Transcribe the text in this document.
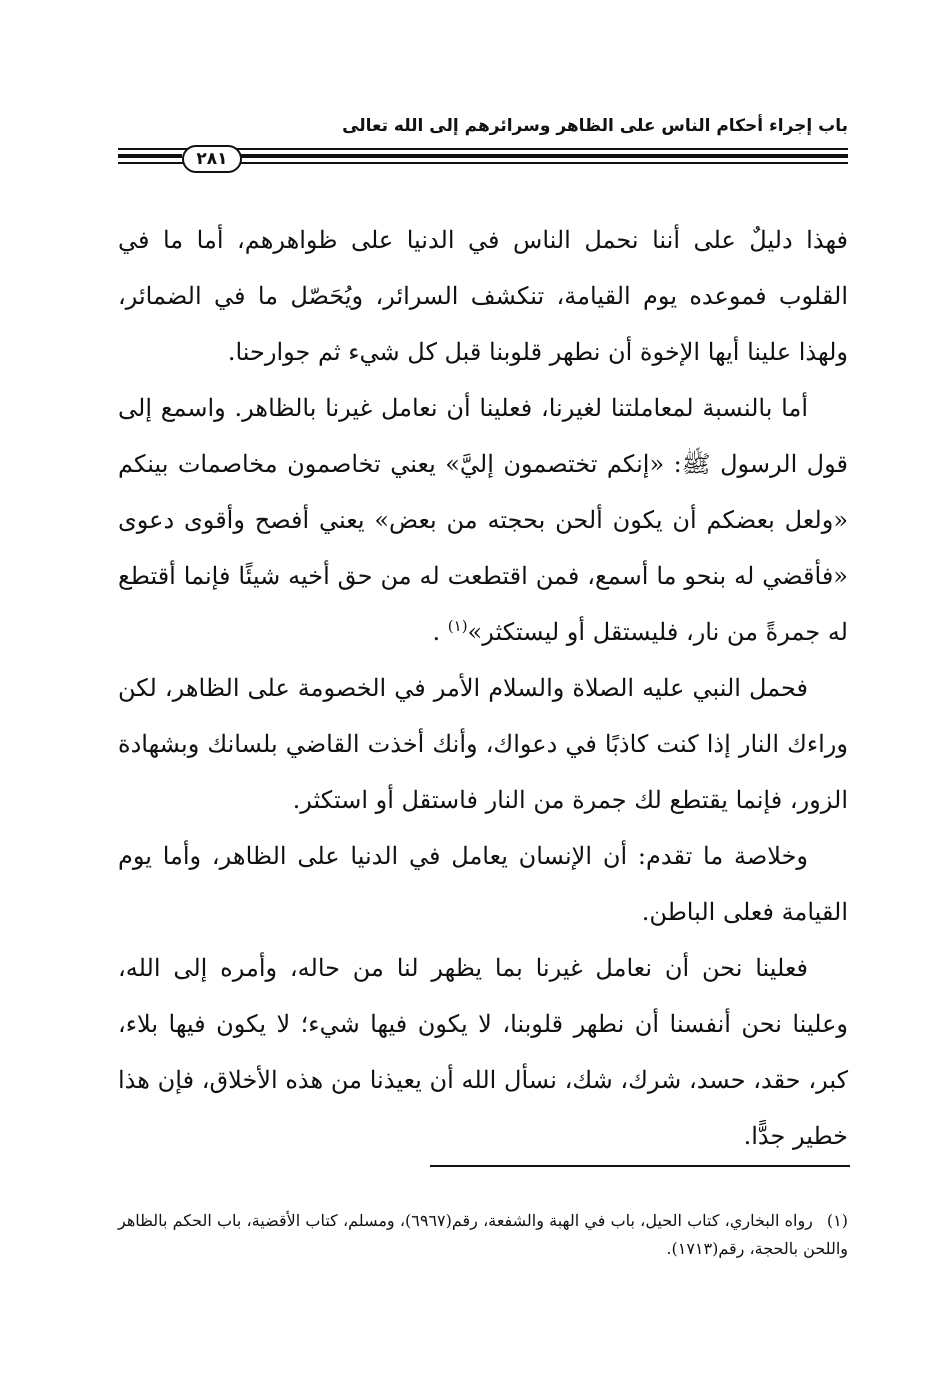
باب إجراء أحكام الناس على الظاهر وسرائرهم إلى الله تعالى
٢٨١

فهذا دليلٌ على أننا نحمل الناس في الدنيا على ظواهرهم، أما ما في القلوب فموعده يوم القيامة، تنكشف السرائر، ويُحَصّل ما في الضمائر، ولهذا علينا أيها الإخوة أن نطهر قلوبنا قبل كل شيء ثم جوارحنا.

أما بالنسبة لمعاملتنا لغيرنا، فعلينا أن نعامل غيرنا بالظاهر. واسمع إلى قول الرسول ﷺ: «إنكم تختصمون إليَّ» يعني تخاصمون مخاصمات بينكم «ولعل بعضكم أن يكون ألحن بحجته من بعض» يعني أفصح وأقوى دعوى «فأقضي له بنحو ما أسمع، فمن اقتطعت له من حق أخيه شيئًا فإنما أقتطع له جمرةً من نار، فليستقل أو ليستكثر»$^{(١)}$ .

فحمل النبي عليه الصلاة والسلام الأمر في الخصومة على الظاهر، لكن وراءك النار إذا كنت كاذبًا في دعواك، وأنك أخذت القاضي بلسانك وبشهادة الزور، فإنما يقتطع لك جمرة من النار فاستقل أو استكثر.

وخلاصة ما تقدم: أن الإنسان يعامل في الدنيا على الظاهر، وأما يوم القيامة فعلى الباطن.

فعلينا نحن أن نعامل غيرنا بما يظهر لنا من حاله، وأمره إلى الله، وعلينا نحن أنفسنا أن نطهر قلوبنا، لا يكون فيها شيء؛ لا يكون فيها بلاء، كبر، حقد، حسد، شرك، شك، نسأل الله أن يعيذنا من هذه الأخلاق، فإن هذا خطير جدًّا.

(١)رواه البخاري، كتاب الحيل، باب في الهبة والشفعة، رقم(٦٩٦٧)، ومسلم، كتاب الأقضية، باب الحكم بالظاهر واللحن بالحجة، رقم(١٧١٣).
